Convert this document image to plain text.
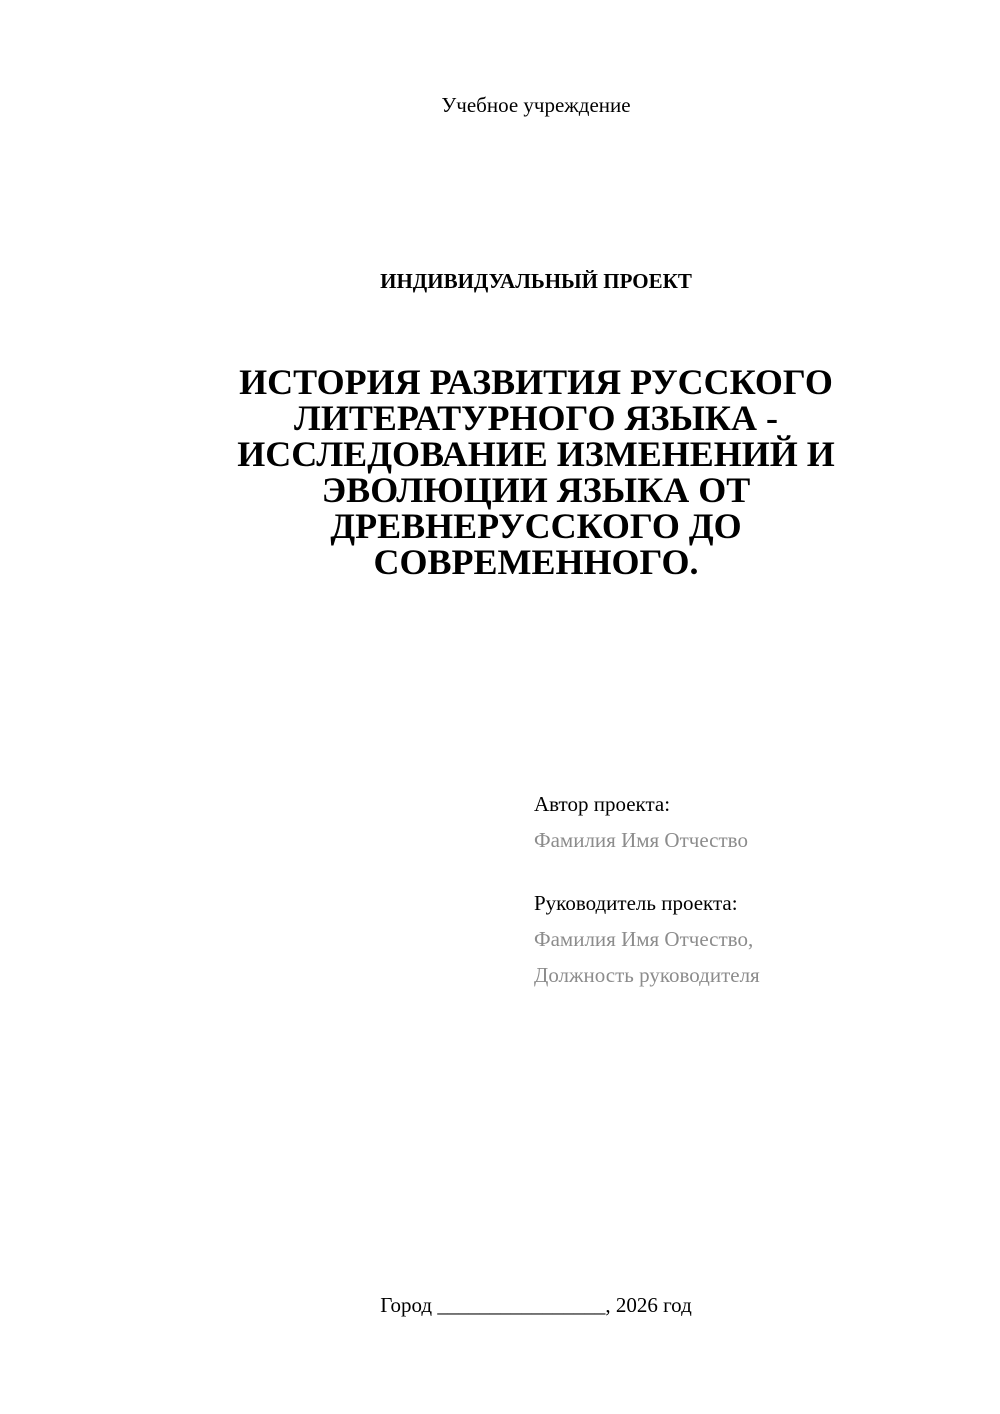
Учебное учреждение
ИНДИВИДУАЛЬНЫЙ ПРОЕКТ
ИСТОРИЯ РАЗВИТИЯ РУССКОГО
ЛИТЕРАТУРНОГО ЯЗЫКА -
ИССЛЕДОВАНИЕ ИЗМЕНЕНИЙ И
ЭВОЛЮЦИИ ЯЗЫКА ОТ
ДРЕВНЕРУССКОГО ДО
СОВРЕМЕННОГО.
Автор проекта:
Фамилия Имя Отчество
Руководитель проекта:
Фамилия Имя Отчество,
Должность руководителя
Город ________________, 2026 год
